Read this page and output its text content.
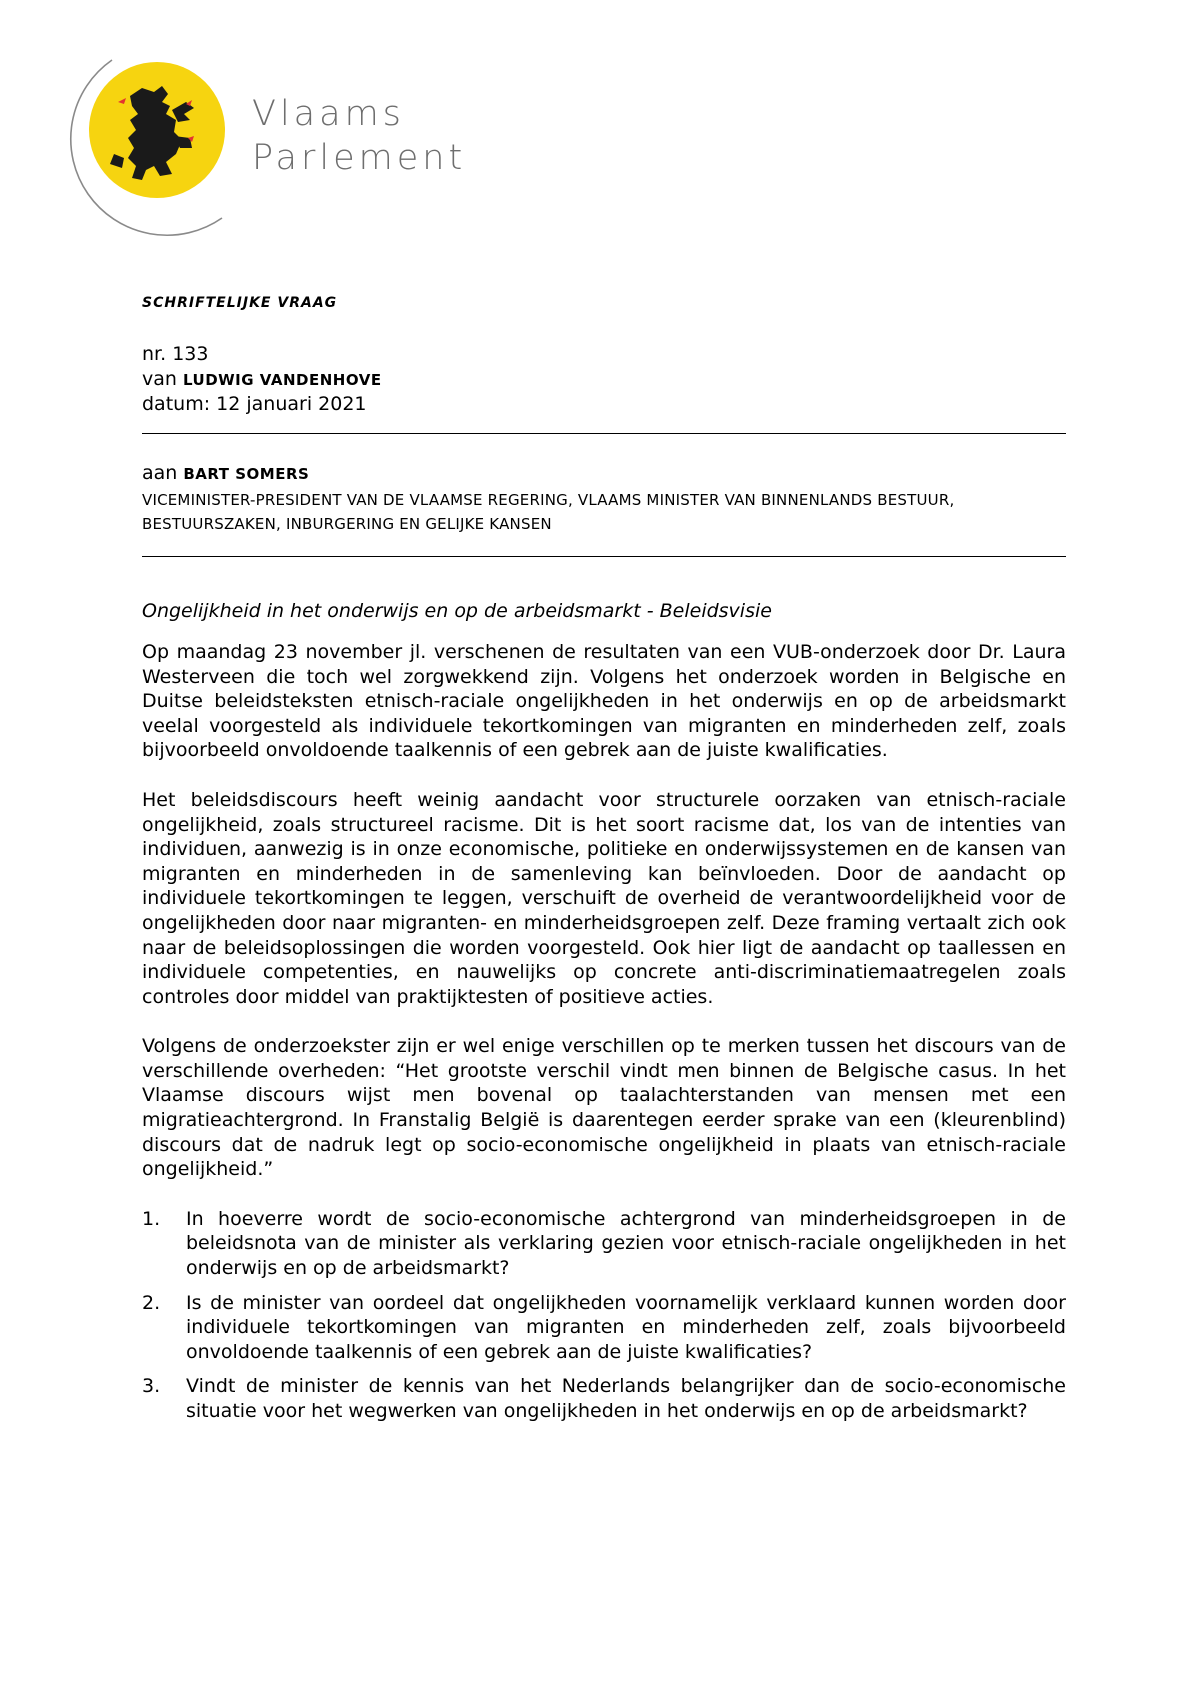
Vlaams
Parlement
SCHRIFTELIJKE VRAAG

nr. 133

van LUDWIG VANDENHOVE

datum: 12 januari 2021

aan BART SOMERS
VICEMINISTER-PRESIDENT VAN DE VLAAMSE REGERING, VLAAMS MINISTER VAN BINNENLANDS BESTUUR, BESTUURSZAKEN, INBURGERING EN GELIJKE KANSEN

Ongelijkheid in het onderwijs en op de arbeidsmarkt - Beleidsvisie

Op maandag 23 november jl. verschenen de resultaten van een VUB-onderzoek door Dr. Laura Westerveen die toch wel zorgwekkend zijn. Volgens het onderzoek worden in Belgische en Duitse beleidsteksten etnisch-raciale ongelijkheden in het onderwijs en op de arbeidsmarkt veelal voorgesteld als individuele tekortkomingen van migranten en minderheden zelf, zoals bijvoorbeeld onvoldoende taalkennis of een gebrek aan de juiste kwalificaties.

Het beleidsdiscours heeft weinig aandacht voor structurele oorzaken van etnisch-raciale ongelijkheid, zoals structureel racisme. Dit is het soort racisme dat, los van de intenties van individuen, aanwezig is in onze economische, politieke en onderwijssystemen en de kansen van migranten en minderheden in de samenleving kan beïnvloeden. Door de aandacht op individuele tekortkomingen te leggen, verschuift de overheid de verantwoordelijkheid voor de ongelijkheden door naar migranten- en minderheidsgroepen zelf. Deze framing vertaalt zich ook naar de beleidsoplossingen die worden voorgesteld. Ook hier ligt de aandacht op taallessen en individuele competenties, en nauwelijks op concrete anti-discriminatiemaatregelen zoals controles door middel van praktijktesten of positieve acties.

Volgens de onderzoekster zijn er wel enige verschillen op te merken tussen het discours van de verschillende overheden: “Het grootste verschil vindt men binnen de Belgische casus. In het Vlaamse discours wijst men bovenal op taalachterstanden van mensen met een migratieachtergrond. In Franstalig België is daarentegen eerder sprake van een (kleurenblind) discours dat de nadruk legt op socio-economische ongelijkheid in plaats van etnisch-raciale ongelijkheid.”

1. In hoeverre wordt de socio-economische achtergrond van minderheidsgroepen in de beleidsnota van de minister als verklaring gezien voor etnisch-raciale ongelijkheden in het onderwijs en op de arbeidsmarkt?
2. Is de minister van oordeel dat ongelijkheden voornamelijk verklaard kunnen worden door individuele tekortkomingen van migranten en minderheden zelf, zoals bijvoorbeeld onvoldoende taalkennis of een gebrek aan de juiste kwalificaties?
3. Vindt de minister de kennis van het Nederlands belangrijker dan de socio-economische situatie voor het wegwerken van ongelijkheden in het onderwijs en op de arbeidsmarkt?
